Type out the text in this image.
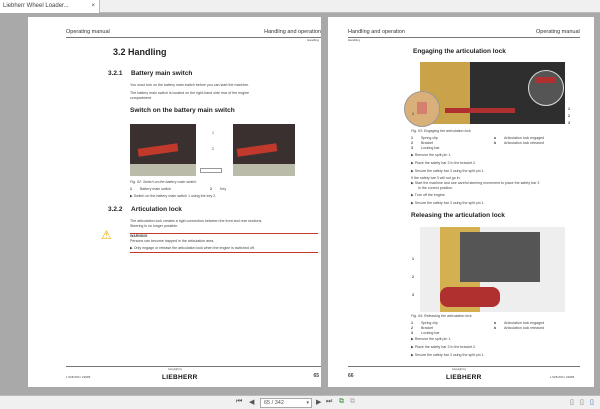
Liebherr Wheel Loader...	×
Operating manual	Handling and operation
Handling
3.2 Handling
3.2.1 Battery main switch
You must turn on the battery main switch before you can start the machine.
The battery main switch is located on the right-hand side rear of the engine
compartment.
Switch on the battery main switch
1
2
Fig. 62: Switch on the battery main switch
1 Battery main switch	2 Key
▶ Switch on the battery main switch 1 using the key 2.
3.2.2 Articulation lock
The articulation lock creates a rigid connection between the front and rear sections.
Steering is no longer possible.
⚠	WARNING
Persons can become trapped in the articulation area.
▶ Only engage or release the articulation lock when the engine is switched off.
L 528-600 / 22995
Copyright by
LIEBHERR	65
Handling and operation	Operating manual
Handling
Engaging the articulation lock
1
1
2
3
Fig. 63: Engaging the articulation lock
1 Spring clip
2 Bracket
3 Locking bar
a Articulation lock engaged
b Articulation lock released
▶ Remove the split pin 1.
▶ Place the safety bar 3 in the bracket 2.
▶ Secure the safety bar 3 using the split pin 1.
If the safety bar 3 will not go in:
▶ Start the machine and use careful steering movement to place the safety bar 3
in the correct position.
▶ Turn off the engine.
▶ Secure the safety bar 3 using the split pin 1.
Releasing the articulation lock
1
2
3
Fig. 64: Releasing the articulation lock
1 Spring clip
2 Bracket
3 Locking bar
a Articulation lock engaged
b Articulation lock released
▶ Remove the split pin 1.
▶ Place the safety bar 3 in the bracket 2.
▶ Secure the safety bar 3 using the split pin 1.
66
Copyright by
LIEBHERR	L 528-600 / 22995
⏮ ◀	65 / 342	▾ ▶ ⏭ ⧉ ⧉	▯ ▯ ▯
